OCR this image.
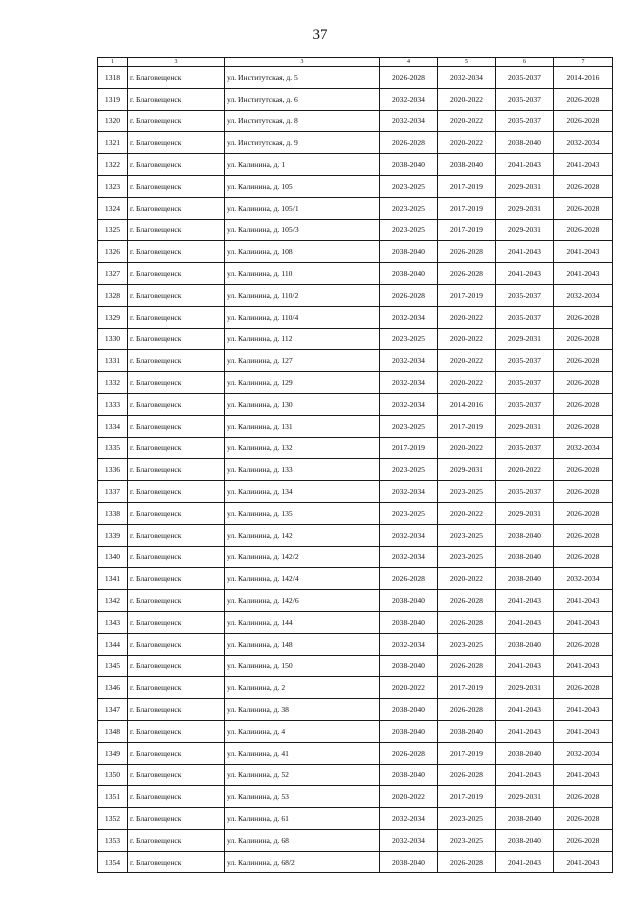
37
1	3	3	4	5	6	7
1318	г. Благовещенск	ул. Институтская, д. 5	2026-2028	2032-2034	2035-2037	2014-2016
1319	г. Благовещенск	ул. Институтская, д. 6	2032-2034	2020-2022	2035-2037	2026-2028
1320	г. Благовещенск	ул. Институтская, д. 8	2032-2034	2020-2022	2035-2037	2026-2028
1321	г. Благовещенск	ул. Институтская, д. 9	2026-2028	2020-2022	2038-2040	2032-2034
1322	г. Благовещенск	ул. Калинина, д. 1	2038-2040	2038-2040	2041-2043	2041-2043
1323	г. Благовещенск	ул. Калинина, д. 105	2023-2025	2017-2019	2029-2031	2026-2028
1324	г. Благовещенск	ул. Калинина, д. 105/1	2023-2025	2017-2019	2029-2031	2026-2028
1325	г. Благовещенск	ул. Калинина, д. 105/3	2023-2025	2017-2019	2029-2031	2026-2028
1326	г. Благовещенск	ул. Калинина, д. 108	2038-2040	2026-2028	2041-2043	2041-2043
1327	г. Благовещенск	ул. Калинина, д. 110	2038-2040	2026-2028	2041-2043	2041-2043
1328	г. Благовещенск	ул. Калинина, д. 110/2	2026-2028	2017-2019	2035-2037	2032-2034
1329	г. Благовещенск	ул. Калинина, д. 110/4	2032-2034	2020-2022	2035-2037	2026-2028
1330	г. Благовещенск	ул. Калинина, д. 112	2023-2025	2020-2022	2029-2031	2026-2028
1331	г. Благовещенск	ул. Калинина, д. 127	2032-2034	2020-2022	2035-2037	2026-2028
1332	г. Благовещенск	ул. Калинина, д. 129	2032-2034	2020-2022	2035-2037	2026-2028
1333	г. Благовещенск	ул. Калинина, д. 130	2032-2034	2014-2016	2035-2037	2026-2028
1334	г. Благовещенск	ул. Калинина, д. 131	2023-2025	2017-2019	2029-2031	2026-2028
1335	г. Благовещенск	ул. Калинина, д. 132	2017-2019	2020-2022	2035-2037	2032-2034
1336	г. Благовещенск	ул. Калинина, д. 133	2023-2025	2029-2031	2020-2022	2026-2028
1337	г. Благовещенск	ул. Калинина, д. 134	2032-2034	2023-2025	2035-2037	2026-2028
1338	г. Благовещенск	ул. Калинина, д. 135	2023-2025	2020-2022	2029-2031	2026-2028
1339	г. Благовещенск	ул. Калинина, д. 142	2032-2034	2023-2025	2038-2040	2026-2028
1340	г. Благовещенск	ул. Калинина, д. 142/2	2032-2034	2023-2025	2038-2040	2026-2028
1341	г. Благовещенск	ул. Калинина, д. 142/4	2026-2028	2020-2022	2038-2040	2032-2034
1342	г. Благовещенск	ул. Калинина, д. 142/6	2038-2040	2026-2028	2041-2043	2041-2043
1343	г. Благовещенск	ул. Калинина, д. 144	2038-2040	2026-2028	2041-2043	2041-2043
1344	г. Благовещенск	ул. Калинина, д. 148	2032-2034	2023-2025	2038-2040	2026-2028
1345	г. Благовещенск	ул. Калинина, д. 150	2038-2040	2026-2028	2041-2043	2041-2043
1346	г. Благовещенск	ул. Калинина, д. 2	2020-2022	2017-2019	2029-2031	2026-2028
1347	г. Благовещенск	ул. Калинина, д. 38	2038-2040	2026-2028	2041-2043	2041-2043
1348	г. Благовещенск	ул. Калинина, д. 4	2038-2040	2038-2040	2041-2043	2041-2043
1349	г. Благовещенск	ул. Калинина, д. 41	2026-2028	2017-2019	2038-2040	2032-2034
1350	г. Благовещенск	ул. Калинина, д. 52	2038-2040	2026-2028	2041-2043	2041-2043
1351	г. Благовещенск	ул. Калинина, д. 53	2020-2022	2017-2019	2029-2031	2026-2028
1352	г. Благовещенск	ул. Калинина, д. 61	2032-2034	2023-2025	2038-2040	2026-2028
1353	г. Благовещенск	ул. Калинина, д. 68	2032-2034	2023-2025	2038-2040	2026-2028
1354	г. Благовещенск	ул. Калинина, д. 68/2	2038-2040	2026-2028	2041-2043	2041-2043
